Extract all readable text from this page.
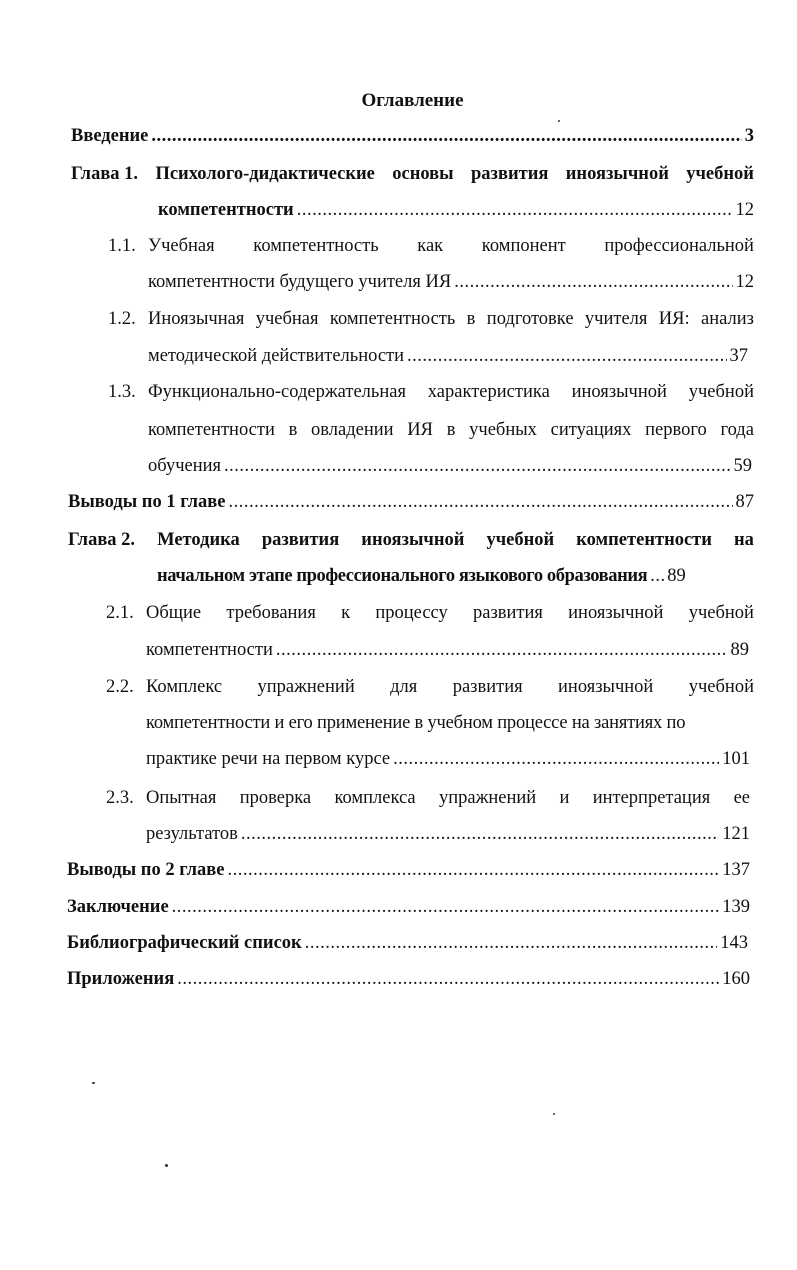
Оглавление
Введение .....	3
Глава 1. Психолого-дидактические основы развития иноязычной учебной
компетентности .....	12
1.1. Учебная компетентность как компонент профессиональной
компетентности будущего учителя ИЯ .....	12
1.2. Иноязычная учебная компетентность в подготовке учителя ИЯ: анализ
методической действительности .....	37
1.3. Функционально-содержательная характеристика иноязычной учебной
компетентности в овладении ИЯ в учебных ситуациях первого года
обучения .....	59
Выводы по 1 главе .....	87
Глава 2. Методика развития иноязычной учебной компетентности на
начальном этапе профессионального языкового образования ..... 89
2.1. Общие требования к процессу развития иноязычной учебной
компетентности .....	89
2.2. Комплекс упражнений для развития иноязычной учебной
компетентности и его применение в учебном процессе на занятиях по
практике речи на первом курсе .....	101
2.3. Опытная проверка комплекса упражнений и интерпретация ее
результатов .....	121
Выводы по 2 главе .....	137
Заключение .....	139
Библиографический список .....	143
Приложения .....	160
